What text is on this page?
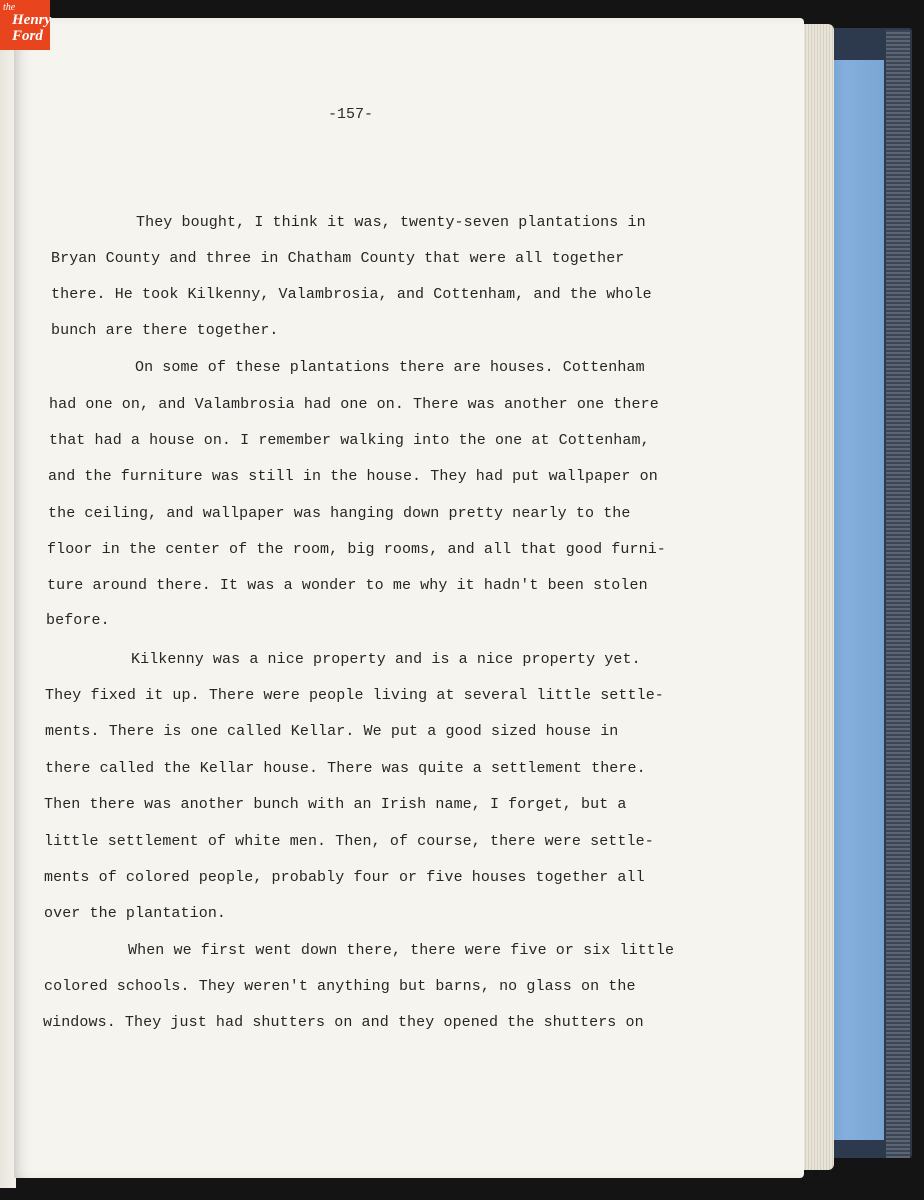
the
Henry
Ford

-157-

They bought, I think it was, twenty-seven plantations in

Bryan County and three in Chatham County that were all together

there. He took Kilkenny, Valambrosia, and Cottenham, and the whole

bunch are there together.

On some of these plantations there are houses. Cottenham

had one on, and Valambrosia had one on. There was another one there

that had a house on. I remember walking into the one at Cottenham,

and the furniture was still in the house. They had put wallpaper on

the ceiling, and wallpaper was hanging down pretty nearly to the

floor in the center of the room, big rooms, and all that good furni-

ture around there. It was a wonder to me why it hadn't been stolen

before.

Kilkenny was a nice property and is a nice property yet.

They fixed it up. There were people living at several little settle-

ments. There is one called Kellar. We put a good sized house in

there called the Kellar house. There was quite a settlement there.

Then there was another bunch with an Irish name, I forget, but a

little settlement of white men. Then, of course, there were settle-

ments of colored people, probably four or five houses together all

over the plantation.

When we first went down there, there were five or six little

colored schools. They weren't anything but barns, no glass on the

windows. They just had shutters on and they opened the shutters on
